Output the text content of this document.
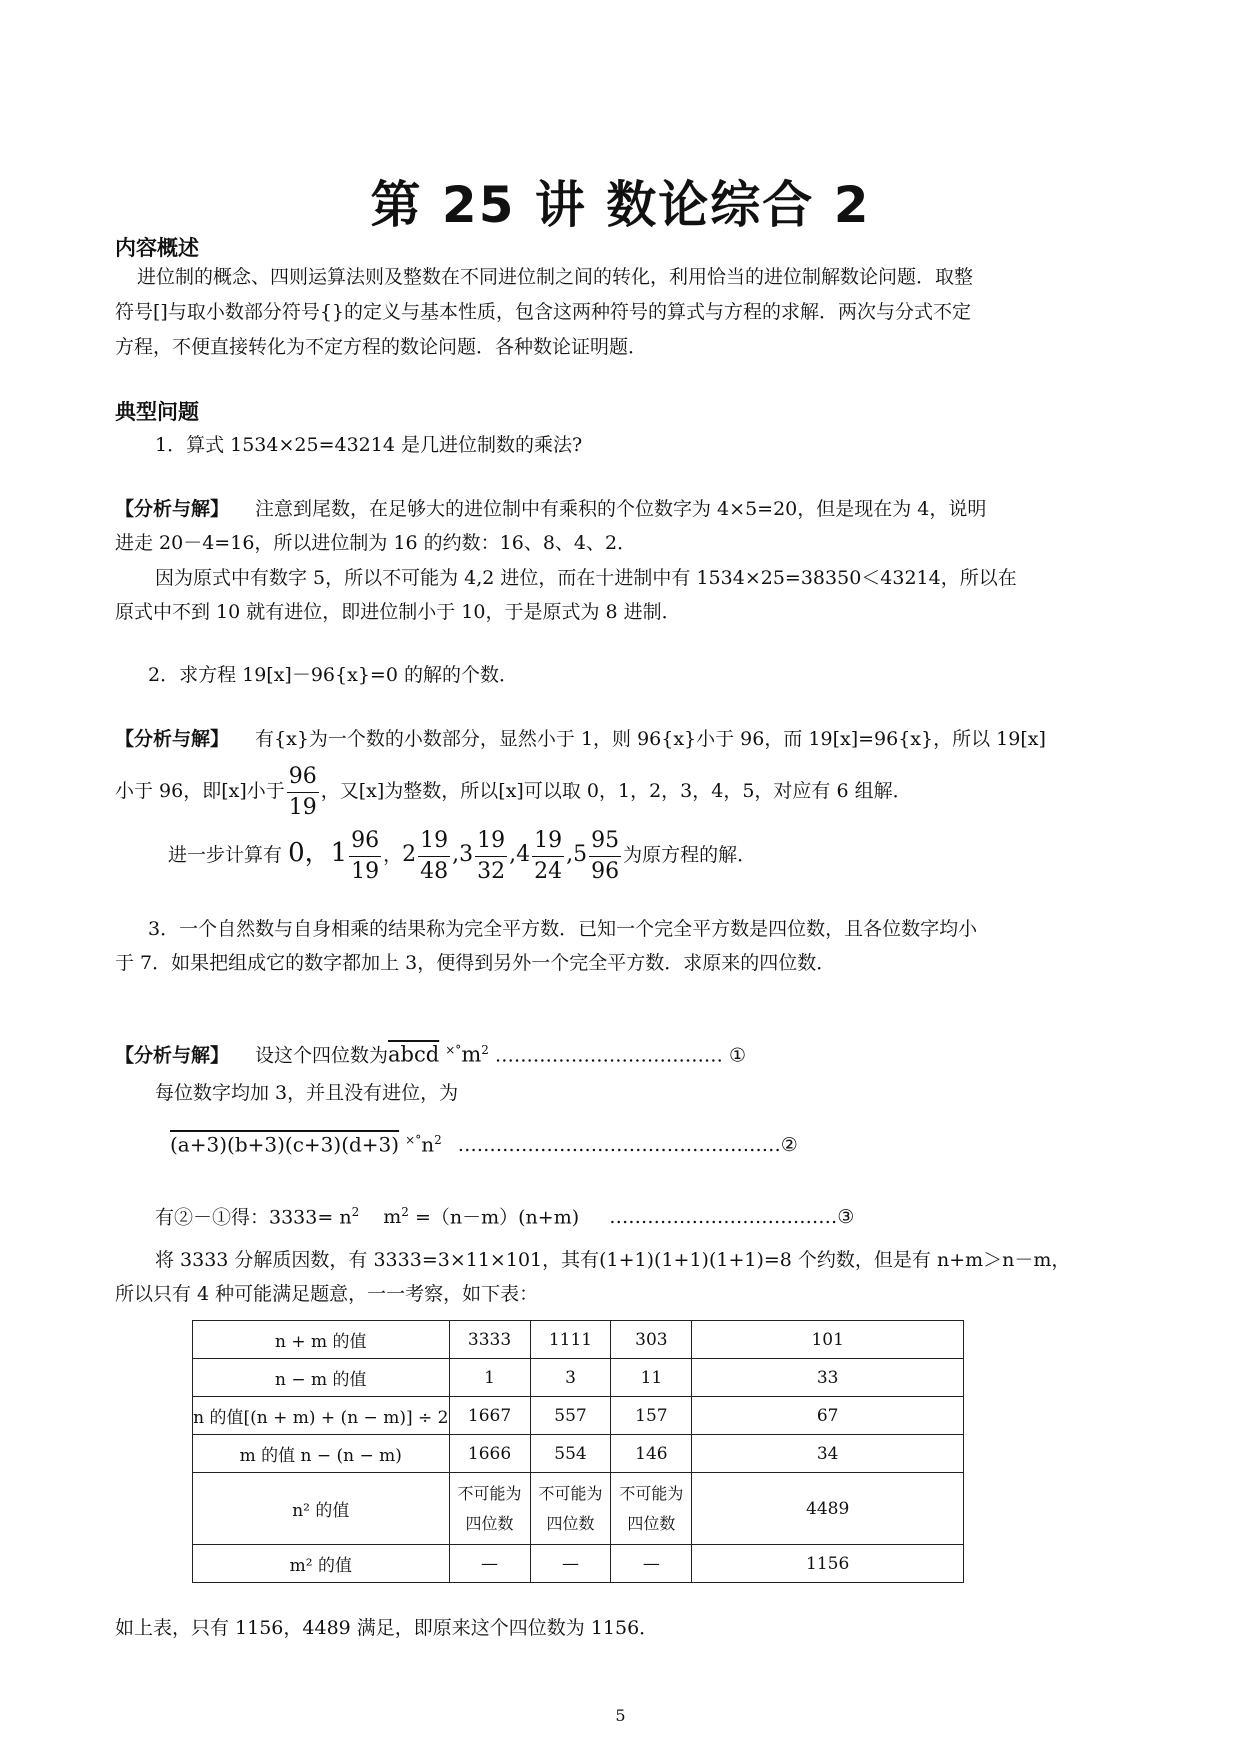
第 25 讲 数论综合 2
内容概述
进位制的概念、四则运算法则及整数在不同进位制之间的转化，利用恰当的进位制解数论问题．取整
符号[]与取小数部分符号{}的定义与基本性质，包含这两种符号的算式与方程的求解．两次与分式不定
方程，不便直接转化为不定方程的数论问题．各种数论证明题．
典型问题
1．算式 1534×25=43214 是几进位制数的乘法?
【分析与解】 注意到尾数，在足够大的进位制中有乘积的个位数字为 4×5=20，但是现在为 4，说明
进走 20－4=16，所以进位制为 16 的约数：16、8、4、2．
因为原式中有数字 5，所以不可能为 4,2 进位，而在十进制中有 1534×25=38350＜43214，所以在
原式中不到 10 就有进位，即进位制小于 10，于是原式为 8 进制．
2．求方程 19[x]－96{x}=0 的解的个数．
【分析与解】 有{x}为一个数的小数部分，显然小于 1，则 96{x}小于 96，而 19[x]=96{x}，所以 19[x]
小于 96，即[x]小于 $\frac{96}{19}$ ，又[x]为整数，所以[x]可以取 0，1，2，3，4，5，对应有 6 组解．
进一步计算有 0，$1 \frac{96}{19}$ ，$2 \frac{19}{48} ,3 \frac{19}{32} ,4 \frac{19}{24} ,5 \frac{95}{96}$ 为原方程的解．
3．一个自然数与自身相乘的结果称为完全平方数．已知一个完全平方数是四位数，且各位数字均小
于 7．如果把组成它的数字都加上 3，便得到另外一个完全平方数．求原来的四位数．
【分析与解】 设这个四位数为abcd $^{\times^\circ}m^2$ ……………………………… ①
每位数字均加 3，并且没有进位，为
(a+3)(b+3)(c+3)(d+3) $^{\times^\circ}n^2$ ……………………………………………②
有②－①得：$3333= n^2$ $m^2 =(n-m)(n+m)$ ………………………………③
将 3333 分解质因数，有 3333=3×11×101，其有(1+1)(1+1)(1+1)=8 个约数，但是有 n+m＞n－m，
所以只有 4 种可能满足题意，一一考察，如下表：
n + m 的值	3333	1111	303	101
n − m 的值	1	3	11	33
n 的值[(n + m) + (n − m)] ÷ 2	1667	557	157	67
m 的值 n − (n − m)	1666	554	146	34
n² 的值	不可能为四位数	不可能为四位数	不可能为四位数	4489
m² 的值	—	—	—	1156
如上表，只有 1156，4489 满足，即原来这个四位数为 1156．
5
